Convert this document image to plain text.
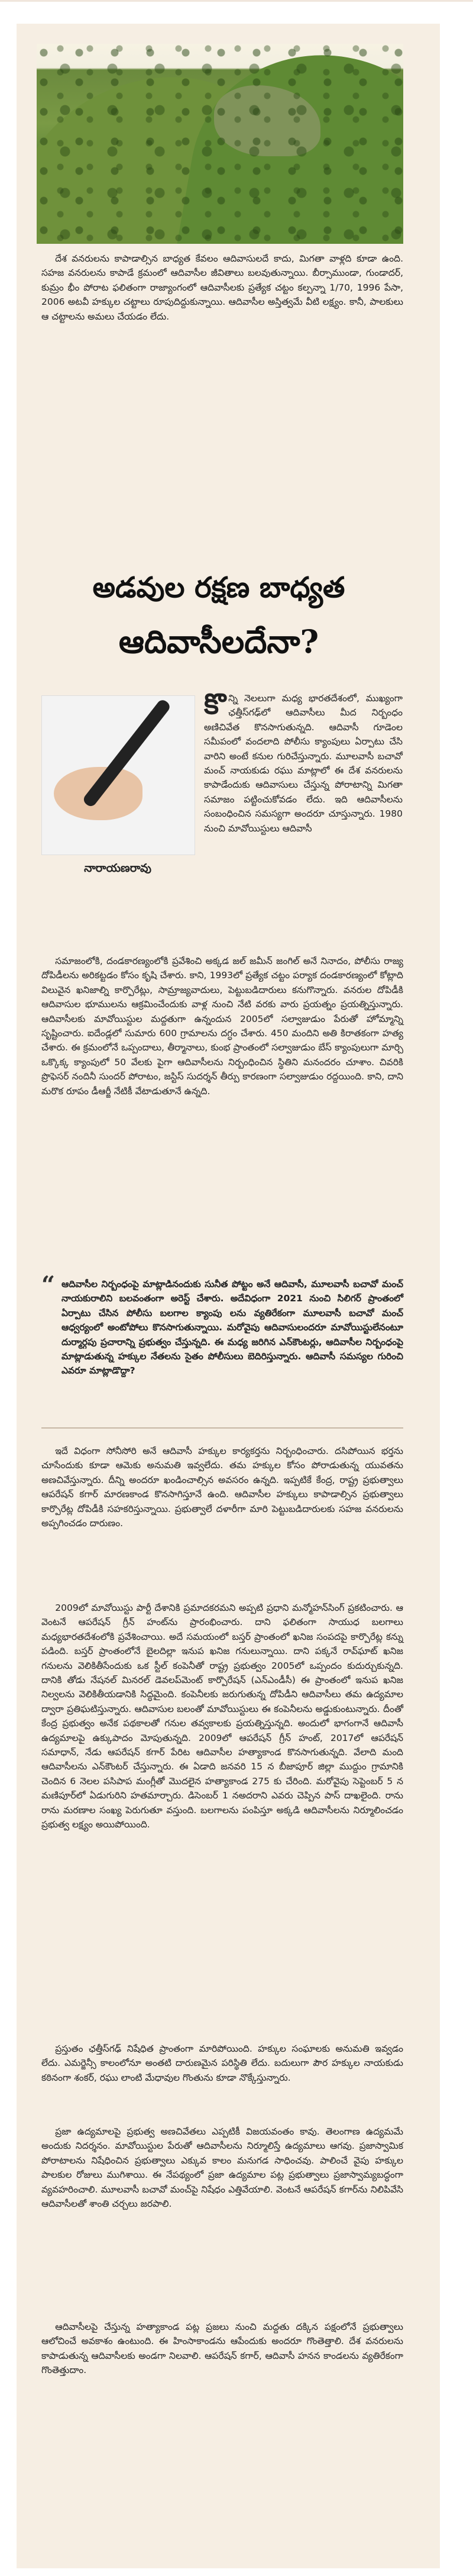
దేశ వనరులను కాపాడాల్సిన బాధ్యత కేవలం ఆదివాసులదే కాదు, మిగతా వాళ్లది కూడా ఉంది. సహజ వనరులను కాపాడే క్రమంలో ఆదివాసీల జీవితాలు బలవుతున్నాయి. బీర్సాముండా, గుండాదర్, కుమ్రం భీం పోరాట ఫలితంగా రాజ్యాంగంలో ఆదివాసీలకు ప్రత్యేక చట్టం కల్పన్నా 1/70, 1996 పేసా, 2006 అటవీ హక్కుల చట్టాలు రూపుదిద్దుకున్నాయి. ఆదివాసీల అస్తిత్వమే వీటి లక్ష్యం. కానీ, పాలకులు ఆ చట్టాలను అమలు చేయడం లేదు.

అడవుల రక్షణ బాధ్యత
ఆదివాసీలదేనా?
నారాయణరావు

కొన్ని నెలలుగా మధ్య భారతదేశంలో, ముఖ్యంగా ఛత్తీస్‌గఢ్‌లో ఆదివాసీలు మీద నిర్బంధం అణిచివేత కొనసాగుతున్నది. ఆదివాసీ గూడెంల సమీపంలో వందలాది పోలీసు క్యాంపులు ఏర్పాటు చేసి వారిని అంటే కనుల గురిచేస్తున్నారు. మూలవాసీ బచావో మంచ్ నాయకుడు రఘు మాట్లాలో ఈ దేశ వనరులను కాపాడేందుకు ఆదివాసులు చేస్తున్న పోరాటాన్ని మిగతా సమాజం పట్టించుకోవడం లేదు. ఇది ఆదివాసీలను సంబంధించిన సమస్యగా అందరూ చూస్తున్నారు. 1980 నుంచి మావోయిస్టులు ఆదివాసీ

సమాజంలోకి, దండకారణ్యంలోకి ప్రవేశించి అక్కడ జల్ జమీన్ జంగిల్ అనే నినాదం, పోలీసు రాజ్య దోపిడీలను అరికట్టడం కోసం కృషి చేశారు. కాని, 1993లో ప్రత్యేక చట్టం పర్యాక దండకారణ్యంలో కోట్లాది విలువైన ఖనిజాల్ని కార్పొరేట్లు, సామ్రాజ్యవాదులు, పెట్టుబడిదారులు కనుగొన్నారు. వనరుల దోపిడీకి ఆదివాసుల భూములను ఆక్రమించేందుకు వాళ్ల నుంచి నేటి వరకు వారు ప్రయత్నం ప్రయత్నిస్తున్నారు. ఆదివాసీలకు మావోయిస్టుల మద్దతుగా ఉన్నందున 2005లో సల్వాజుడుం పేరుతో హోమ్మాన్ని సృష్టించారు. ఐదేండ్లలో సుమారు 600 గ్రామాలను దగ్ధం చేశారు. 450 మందిని అతి కిరాతకంగా హత్య చేశారు. ఈ క్రమంలోనే ఒప్పందాలు, తీర్మానాలు, కుంభ ప్రాంతంలో సల్వాజుడుం బేస్ క్యాంపులుగా మార్చి ఒక్కొక్క క్యాంపులో 50 వేలకు పైగా ఆదివాసీలను నిర్బంధించిన స్థితిని మనందరం చూశాం. చివరికి ప్రొఫెసర్ నందినీ సుందర్ పోరాటం, జస్టిస్ సుదర్శన్ తీర్పు కారణంగా సల్వాజుడుం రద్దయింది. కాని, దాని మరొక రూపం డీఆర్జీ నేటికీ వేటాడుతూనే ఉన్నది.

“ ఆదివాసీల నిర్బంధంపై మాట్లాడినందుకు సునీత పోట్టం అనే ఆదివాసీ, మూలవాసీ బచావో మంచ్ నాయకురాలిని బలవంతంగా అరెస్ట్ చేశారు. అదేవిధంగా 2021 నుంచి సిలిగర్ ప్రాంతంలో ఏర్పాటు చేసిన పోలీసు బలగాల క్యాంపు లను వ్యతిరేకంగా మూలవాసీ బచావో మంచ్ ఆధ్వర్యంలో అంటోపోలు కొనసాగుతున్నాయి. మరోవైపు ఆదివాసులందరూ మావోయిస్టులేనంటూ దుర్మార్గపు ప్రచారాన్ని ప్రభుత్వం చేస్తున్నది. ఈ మధ్య జరిగిన ఎన్‌కౌంటర్లు, ఆదివాసీల నిర్బంధంపై మాట్లాడుతున్న హక్కుల నేతలను సైతం పోలీసులు బెదిరిస్తున్నారు. ఆదివాసీ సమస్యల గురించి ఎవరూ మాట్లాడొద్దా?

ఇదే విధంగా సోనీసోరి అనే ఆదివాసీ హక్కుల కార్యకర్తను నిర్బంధించారు. దసిపోయిన భర్తను చూసేందుకు కూడా ఆమెకు అనుమతి ఇవ్వలేదు. తమ హక్కుల కోసం పోరాడుతున్న యువతను అణచివేస్తున్నారు. దీన్ని అందరూ ఖండించాల్సిన అవసరం ఉన్నది. ఇప్పటికే కేంద్ర, రాష్ట్ర ప్రభుత్వాలు ఆపరేషన్ కగార్ మారణకాండ కొనసాగిస్తూనే ఉంది. ఆదివాసీల హక్కులు కాపాడాల్సిన ప్రభుత్వాలు కార్పొరేట్ల దోపిడీకి సహకరిస్తున్నాయి. ప్రభుత్వాలే దళారీగా మారి పెట్టుబడిదారులకు సహజ వనరులను అప్పగించడం దారుణం.

2009లో మావోయిస్టు పార్టీ దేశానికి ప్రమాదకరమని అప్పటి ప్రధాని మన్మోహన్‌సింగ్ ప్రకటించారు. ఆ వెంటనే ఆపరేషన్ గ్రీన్ హంట్‌ను ప్రారంభించారు. దాని ఫలితంగా సాయుధ బలగాలు మధ్యభారతదేశంలోకి ప్రవేశించాయి. అదే సమయంలో బస్తర్ ప్రాంతంలో ఖనిజ సంపదపై కార్పొరేట్ల కన్ను పడింది. బస్తర్ ప్రాంతంలోనే బైలదిల్లా ఇనుప ఖనిజ గనులున్నాయి. దాని పక్కనే రావ్‌ఘాట్ ఖనిజ గనులను వెలికితీసేందుకు ఒక స్టీల్ కంపెనీతో రాష్ట్ర ప్రభుత్వం 2005లో ఒప్పందం కుదుర్చుకున్నది. దానికి తోడు నేషనల్ మినరల్ డెవలప్‌మెంట్ కార్పొరేషన్ (ఎన్ఎండీసీ) ఈ ప్రాంతంలో ఇనుప ఖనిజ నిల్వలను వెలికితీయడానికి సిద్ధమైంది. కంపెనీలకు జరుగుతున్న దోపిడీని ఆదివాసీలు తమ ఉద్యమాల ద్వారా ప్రతిఘటిస్తున్నారు. ఆదివాసుల బలంతో మావోయిస్టులు ఈ కంపెనీలను అడ్డుకుంటున్నారు. దీంతో కేంద్ర ప్రభుత్వం అనేక పథకాలతో గనుల తవ్వకాలకు ప్రయత్నిస్తున్నది. అందులో భాగంగానే ఆదివాసీ ఉద్యమాలపై ఉక్కుపాదం మోపుతున్నది. 2009లో ఆపరేషన్ గ్రీన్ హంట్, 2017లో ఆపరేషన్ సమాధాన్, నేడు ఆపరేషన్ కగార్ పేరిట ఆదివాసీల హత్యాకాండ కొనసాగుతున్నది. వేలాది మంది ఆదివాసీలను ఎన్‌కౌంటర్ చేస్తున్నారు. ఈ ఏడాది జనవరి 15 న బీజాపూర్ జిల్లా ముద్దుం గ్రామానికి చెందిన 6 నెలల పసిపాప మంగ్లీతో మొదలైన హత్యాకాండ 275 కు చేరింది. మరోవైపు సెప్టెంబర్ 5 న మణిపూర్‌లో ఏడుగురిని హతమార్చారు. డిసెంబర్ 1 నఅదరాని ఎవరు చెప్పిన పాస్ దాఖలైంది. రాను రాను మరణాల సంఖ్య పెరుగుతూ వస్తుంది. బలగాలను పంపిస్తూ అక్కడి ఆదివాసీలను నిర్మూలించడం ప్రభుత్వ లక్ష్యం అయిపోయింది.

ప్రస్తుతం ఛత్తీస్‌గఢ్ నిషేధిత ప్రాంతంగా మారిపోయింది. హక్కుల సంఘాలకు అనుమతి ఇవ్వడం లేదు. ఎమర్జెన్సీ కాలంలోనూ అంతటి దారుణమైన పరిస్థితి లేదు. బదులుగా పౌర హక్కుల నాయకుడు కఠినంగా శంకర్, రఘు లాంటి మేధావుల గొంతును కూడా నొక్కేస్తున్నారు.

ప్రజా ఉద్యమాలపై ప్రభుత్వ అణచివేతలు ఎప్పటికీ విజయవంతం కావు. తెలంగాణ ఉద్యమమే అందుకు నిదర్శనం. మావోయిస్టుల పేరుతో ఆదివాసీలను నిర్మూలిస్తే ఉద్యమాలు ఆగవు. ప్రజాస్వామిక పోరాటాలను నిషేధించిన ప్రభుత్వాలు ఎక్కువ కాలం మనుగడ సాధించవు. పాలించే వైపు హక్కుల పాలకుల రోజులు ముగిశాయి. ఈ నేపథ్యంలో ప్రజా ఉద్యమాల పట్ల ప్రభుత్వాలు ప్రజాస్వామ్యబద్ధంగా వ్యవహరించాలి. మూలవాసీ బచావో మంచ్‌పై నిషేధం ఎత్తివేయాలి. వెంటనే ఆపరేషన్ కగార్‌ను నిలిపివేసి ఆదివాసీలతో శాంతి చర్చలు జరపాలి.

ఆదివాసీలపై చేస్తున్న హత్యాకాండ పట్ల ప్రజలు నుంచి మద్దతు దక్కిన పక్షంలోనే ప్రభుత్వాలు ఆలోచించే అవకాశం ఉంటుంది. ఈ హింసాకాండను ఆపేందుకు అందరూ గొంతెత్తాలి. దేశ వనరులను కాపాడుతున్న ఆదివాసీలకు అండగా నిలవాలి. ఆపరేషన్ కగార్, ఆదివాసీ హనన కాండలను వ్యతిరేకంగా గొంతెత్తుదాం.
